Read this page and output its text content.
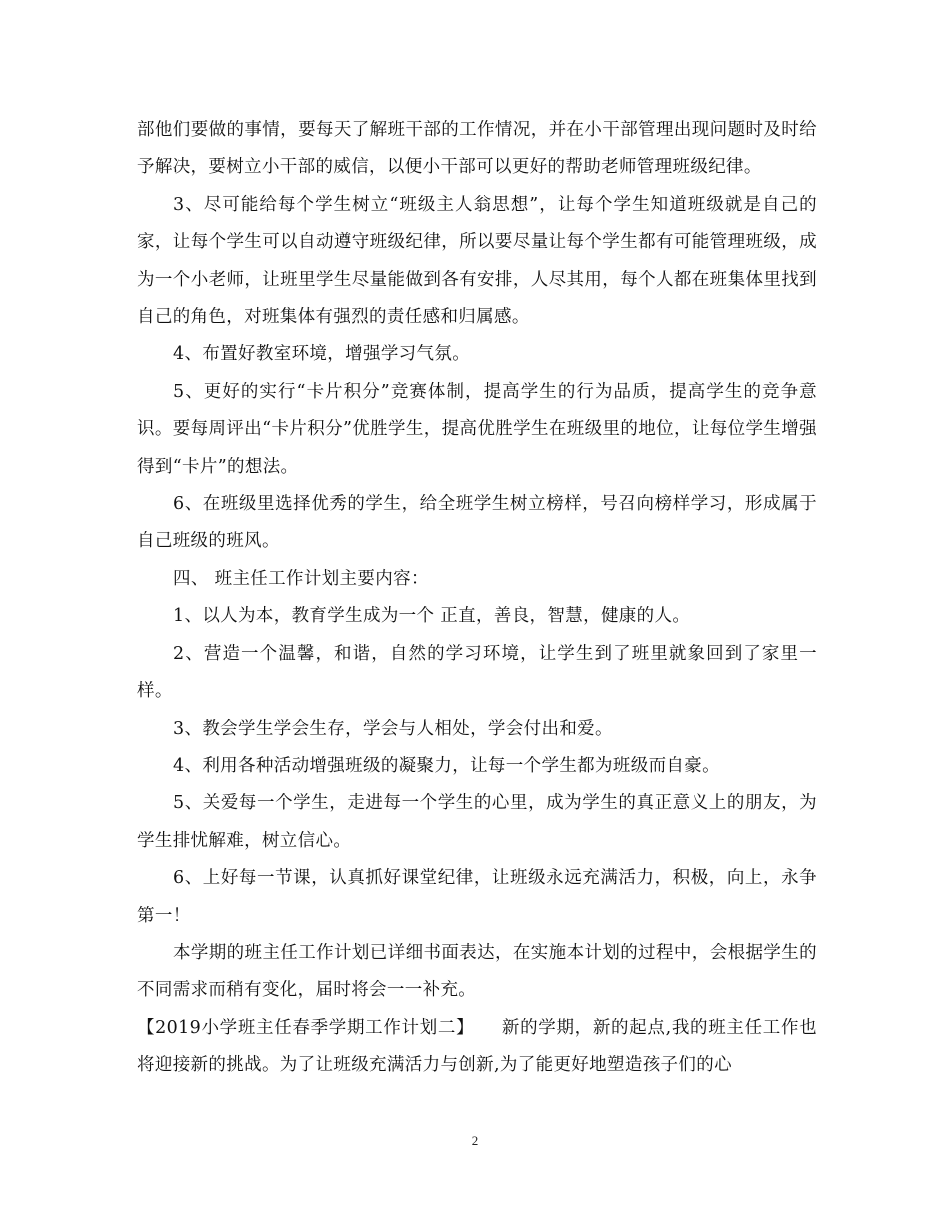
部他们要做的事情，要每天了解班干部的工作情况，并在小干部管理出现问题时及时给予解决，要树立小干部的威信，以便小干部可以更好的帮助老师管理班级纪律。

3、尽可能给每个学生树立“班级主人翁思想”，让每个学生知道班级就是自己的家，让每个学生可以自动遵守班级纪律，所以要尽量让每个学生都有可能管理班级，成为一个小老师，让班里学生尽量能做到各有安排，人尽其用，每个人都在班集体里找到自己的角色，对班集体有强烈的责任感和归属感。

4、布置好教室环境，增强学习气氛。

5、更好的实行“卡片积分”竞赛体制，提高学生的行为品质，提高学生的竞争意识。要每周评出“卡片积分”优胜学生，提高优胜学生在班级里的地位，让每位学生增强得到“卡片”的想法。

6、在班级里选择优秀的学生，给全班学生树立榜样，号召向榜样学习，形成属于自己班级的班风。

四、 班主任工作计划主要内容：

1、以人为本，教育学生成为一个 正直，善良，智慧，健康的人。

2、营造一个温馨，和谐，自然的学习环境，让学生到了班里就象回到了家里一样。

3、教会学生学会生存，学会与人相处，学会付出和爱。

4、利用各种活动增强班级的凝聚力，让每一个学生都为班级而自豪。

5、关爱每一个学生，走进每一个学生的心里，成为学生的真正意义上的朋友，为学生排忧解难，树立信心。

6、上好每一节课，认真抓好课堂纪律，让班级永远充满活力，积极，向上，永争第一！

本学期的班主任工作计划已详细书面表达，在实施本计划的过程中，会根据学生的不同需求而稍有变化，届时将会一一补充。

【2019小学班主任春季学期工作计划二】　　新的学期，新的起点,我的班主任工作也将迎接新的挑战。为了让班级充满活力与创新,为了能更好地塑造孩子们的心

2
